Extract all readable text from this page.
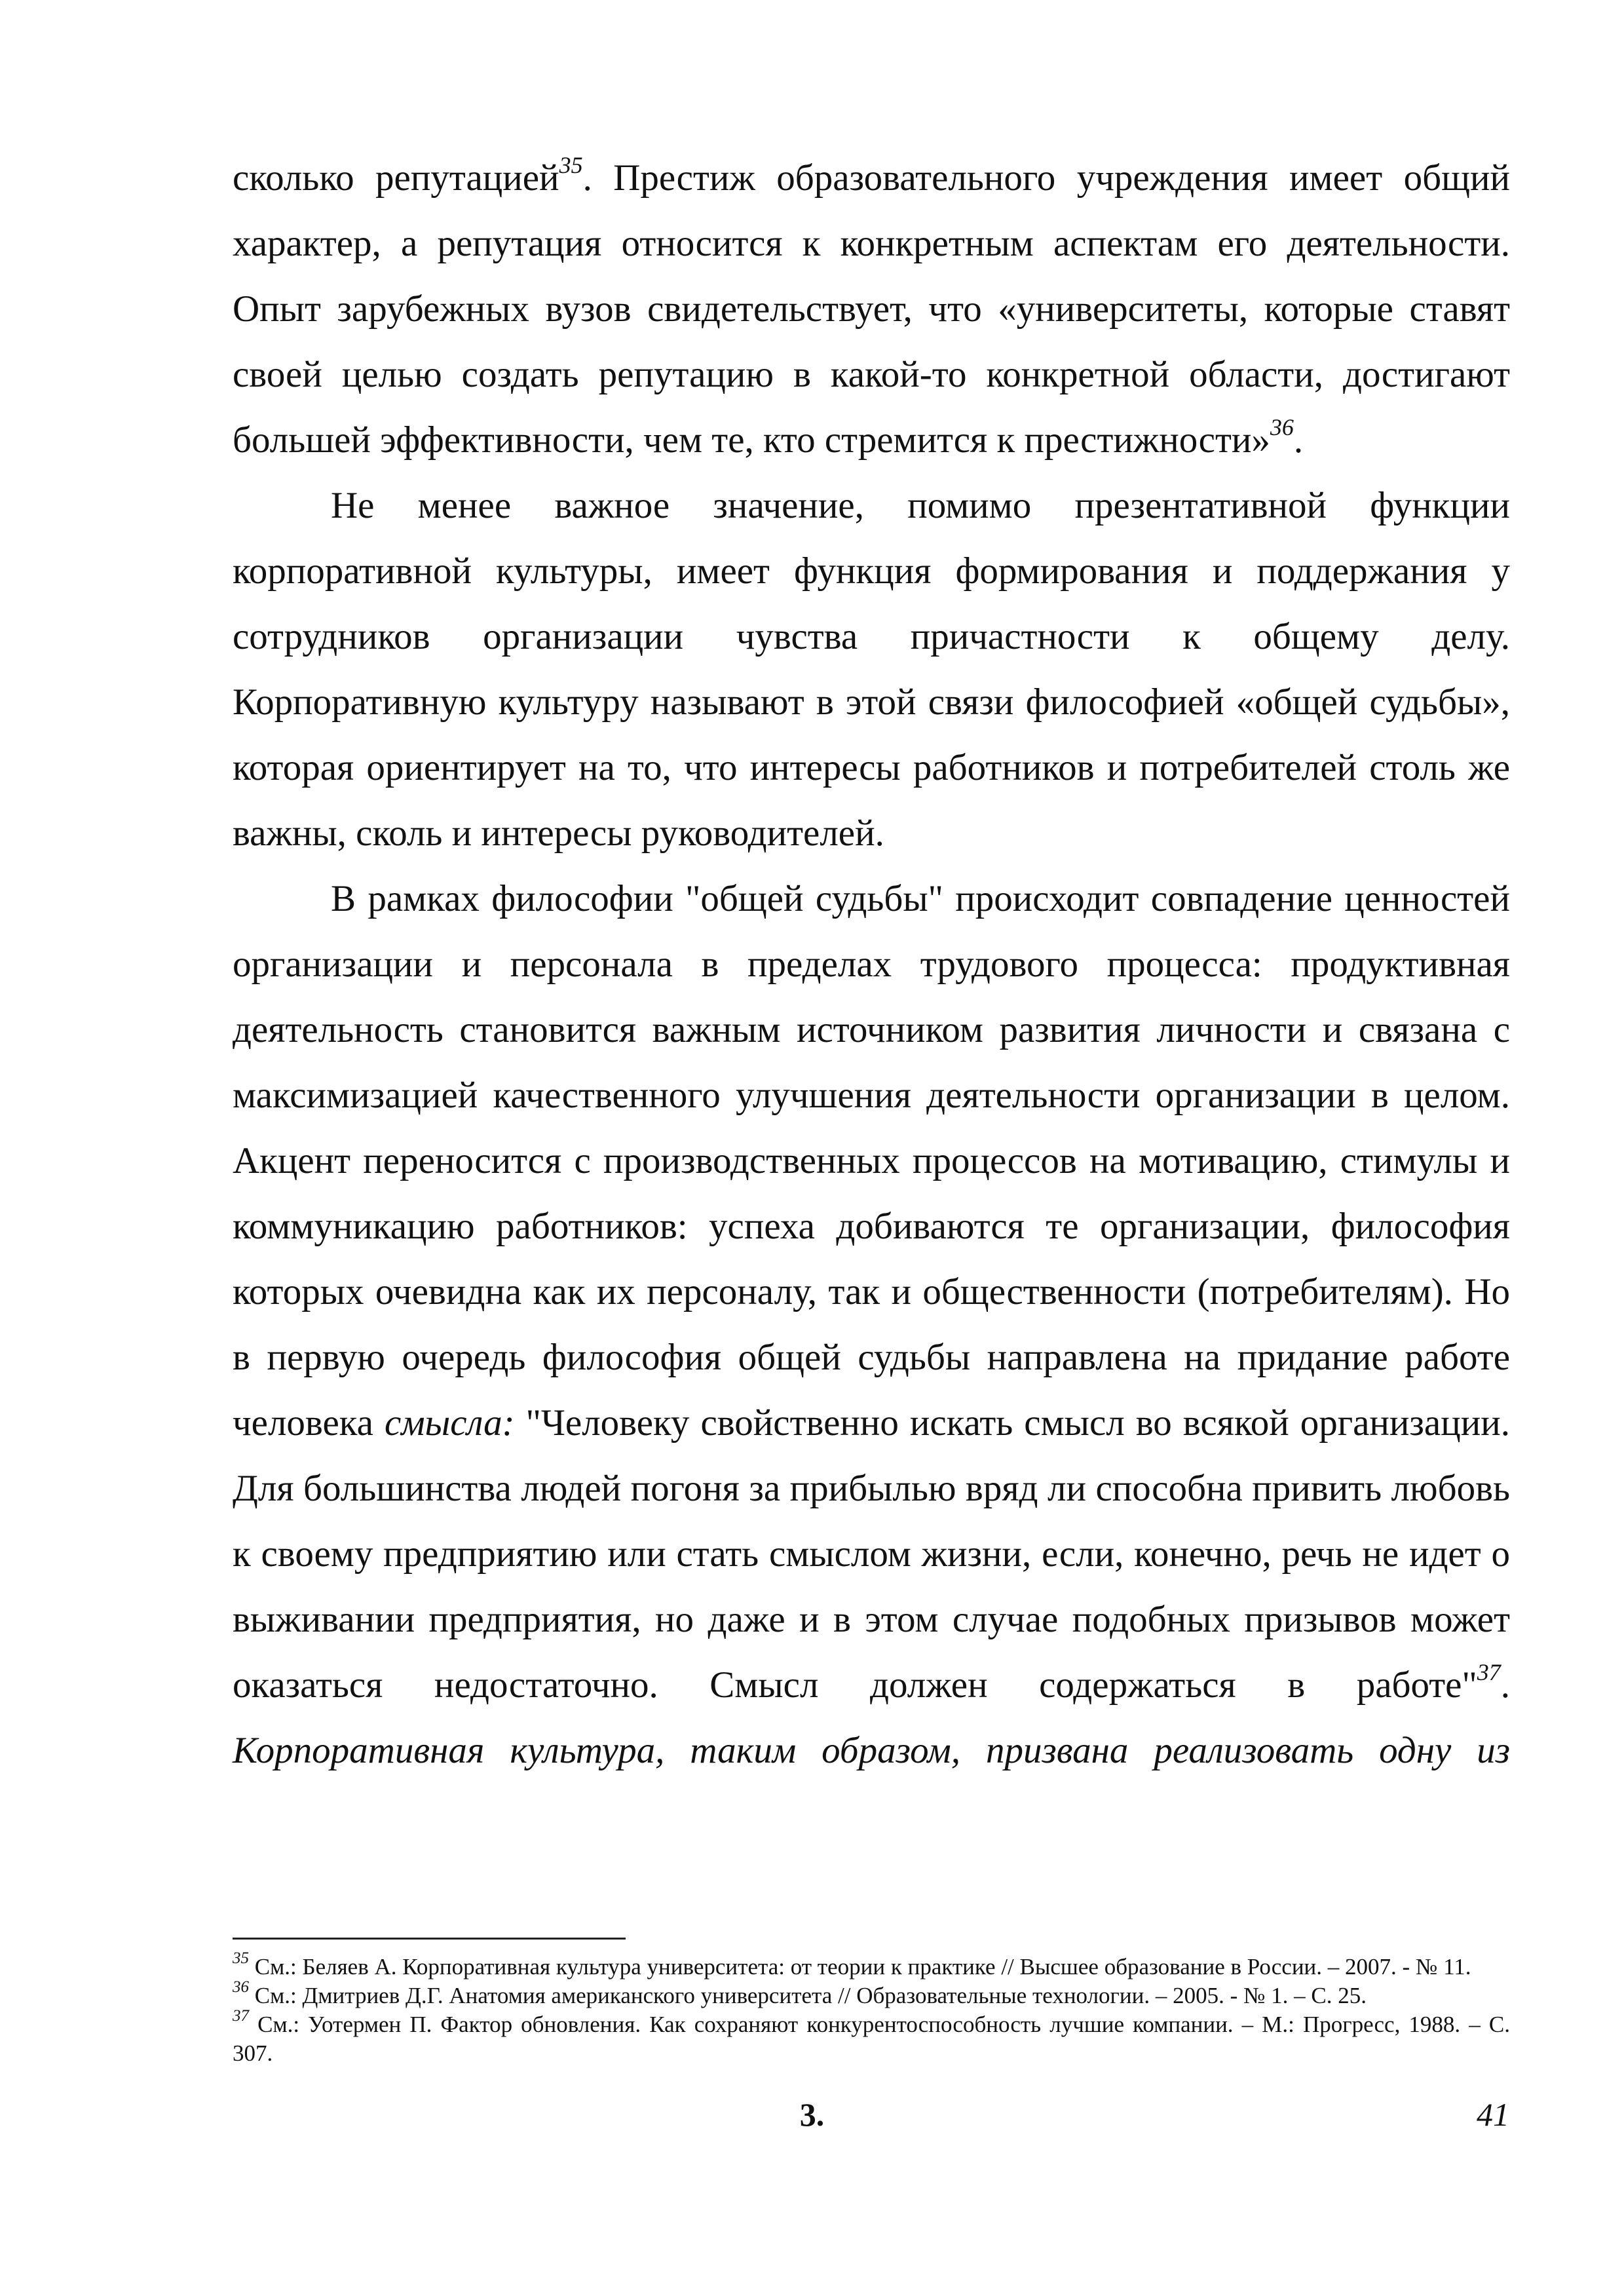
сколько репутацией$^{35}$. Престиж образовательного учреждения имеет общий характер, а репутация относится к конкретным аспектам его деятельности. Опыт зарубежных вузов свидетельствует, что «университеты, которые ставят своей целью создать репутацию в какой-то конкретной области, достигают большей эффективности, чем те, кто стремится к престижности»$^{36}$.

Не менее важное значение, помимо презентативной функции корпоративной культуры, имеет функция формирования и поддержания у сотрудников организации чувства причастности к общему делу. Корпоративную культуру называют в этой связи философией «общей судьбы», которая ориентирует на то, что интересы работников и потребителей столь же важны, сколь и интересы руководителей.

В рамках философии "общей судьбы" происходит совпадение ценностей организации и персонала в пределах трудового процесса: продуктивная деятельность становится важным источником развития личности и связана с максимизацией качественного улучшения деятельности организации в целом. Акцент переносится с производственных процессов на мотивацию, стимулы и коммуникацию работников: успеха добиваются те организации, философия которых очевидна как их персоналу, так и общественности (потребителям). Но в первую очередь философия общей судьбы направлена на придание работе человека смысла: "Человеку свойственно искать смысл во всякой организации. Для большинства людей погоня за прибылью вряд ли способна привить любовь к своему предприятию или стать смыслом жизни, если, конечно, речь не идет о выживании предприятия, но даже и в этом случае подобных призывов может оказаться недостаточно. Смысл должен содержаться в работе"$^{37}$. Корпоративная культура, таким образом, призвана реализовать одну из

$^{35}$ См.: Беляев А. Корпоративная культура университета: от теории к практике // Высшее образование в России. – 2007. - № 11.

$^{36}$ См.: Дмитриев Д.Г. Анатомия американского университета // Образовательные технологии. – 2005. - № 1. – С. 25.

$^{37}$ См.: Уотермен П. Фактор обновления. Как сохраняют конкурентоспособность лучшие компании. – М.: Прогресс, 1988. – С. 307.

3.	41
